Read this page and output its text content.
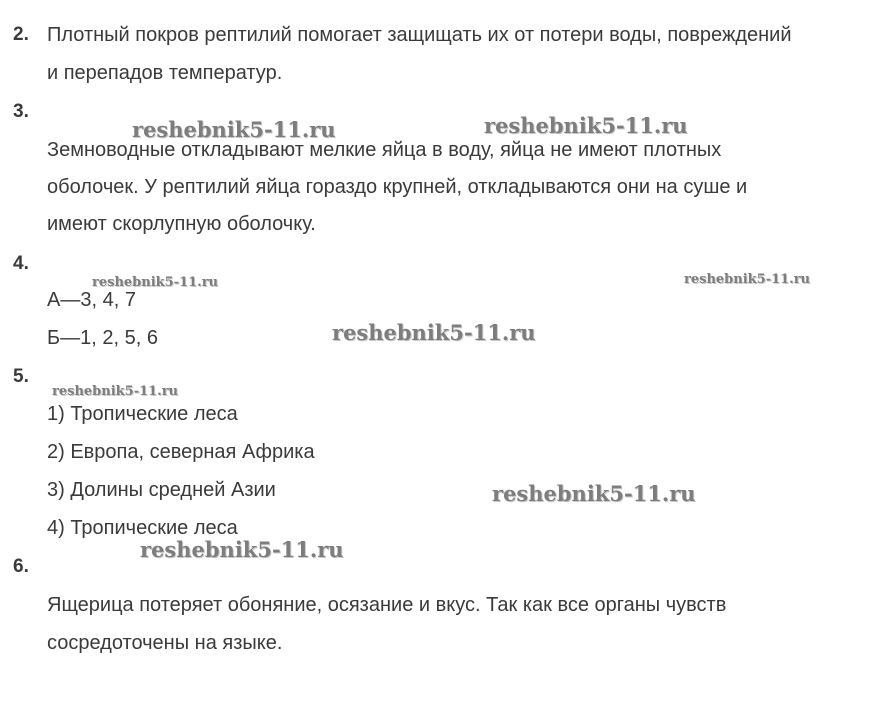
2. Плотный покров рептилий помогает защищать их от потери воды, повреждений
и перепадов температур.
3.
Земноводные откладывают мелкие яйца в воду, яйца не имеют плотных
оболочек. У рептилий яйца гораздо крупней, откладываются они на суше и
имеют скорлупную оболочку.
4.
А—3, 4, 7
Б—1, 2, 5, 6
5.
1) Тропические леса
2) Европа, северная Африка
3) Долины средней Азии
4) Тропические леса
6.
Ящерица потеряет обоняние, осязание и вкус. Так как все органы чувств
сосредоточены на языке.
reshebnik5-11.ru	reshebnik5-11.ru
reshebnik5-11.ru	reshebnik5-11.ru
reshebnik5-11.ru
reshebnik5-11.ru
reshebnik5-11.ru
reshebnik5-11.ru
